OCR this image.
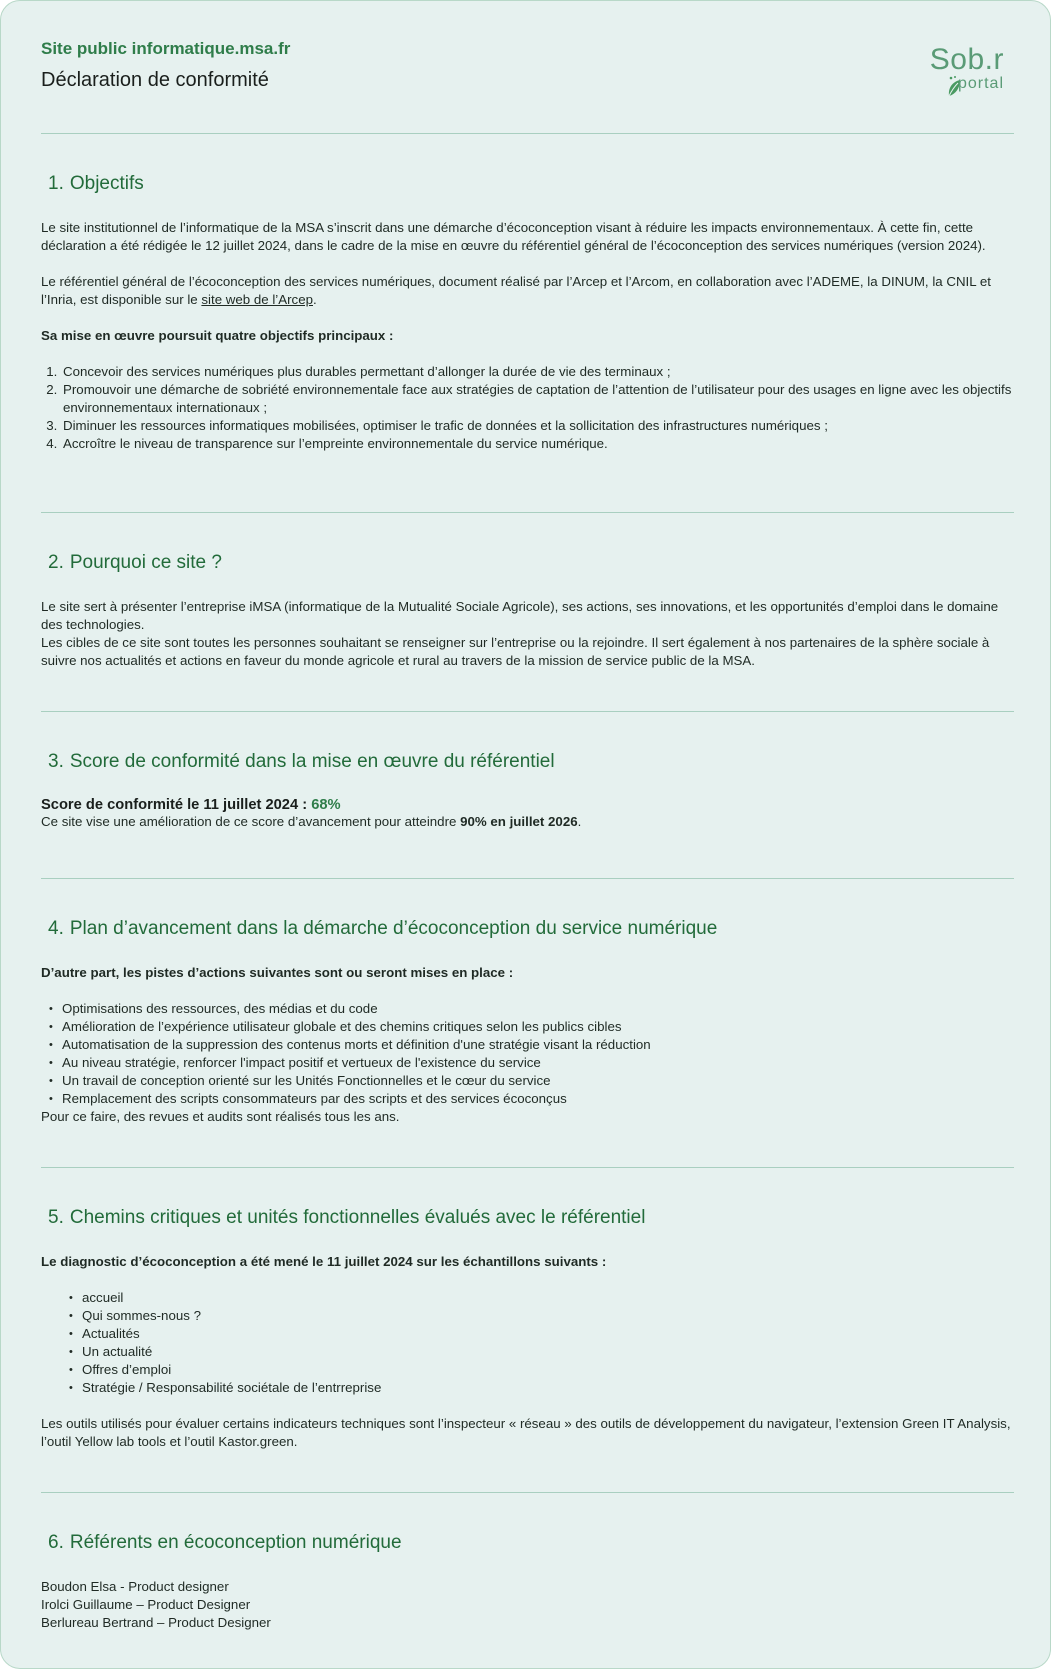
Site public informatique.msa.fr
Déclaration de conformité
Sob.r
portal
1. Objectifs

Le site institutionnel de l’informatique de la MSA s’inscrit dans une démarche d’écoconception visant à réduire les impacts environnementaux. À cette fin, cette déclaration a été rédigée le 12 juillet 2024, dans le cadre de la mise en œuvre du référentiel général de l’écoconception des services numériques (version 2024).

Le référentiel général de l’écoconception des services numériques, document réalisé par l’Arcep et l’Arcom, en collaboration avec l’ADEME, la DINUM, la CNIL et l’Inria, est disponible sur le site web de l’Arcep.

Sa mise en œuvre poursuit quatre objectifs principaux :

1. Concevoir des services numériques plus durables permettant d’allonger la durée de vie des terminaux ;
2. Promouvoir une démarche de sobriété environnementale face aux stratégies de captation de l’attention de l’utilisateur pour des usages en ligne avec les objectifs environnementaux internationaux ;
3. Diminuer les ressources informatiques mobilisées, optimiser le trafic de données et la sollicitation des infrastructures numériques ;
4. Accroître le niveau de transparence sur l’empreinte environnementale du service numérique.
2. Pourquoi ce site ?

Le site sert à présenter l’entreprise iMSA (informatique de la Mutualité Sociale Agricole), ses actions, ses innovations, et les opportunités d’emploi dans le domaine des technologies.

Les cibles de ce site sont toutes les personnes souhaitant se renseigner sur l’entreprise ou la rejoindre. Il sert également à nos partenaires de la sphère sociale à suivre nos actualités et actions en faveur du monde agricole et rural au travers de la mission de service public de la MSA.

3. Score de conformité dans la mise en œuvre du référentiel
Score de conformité le 11 juillet 2024 : 68%

Ce site vise une amélioration de ce score d’avancement pour atteindre 90% en juillet 2026.

4. Plan d’avancement dans la démarche d’écoconception du service numérique

D’autre part, les pistes d’actions suivantes sont ou seront mises en place :

• Optimisations des ressources, des médias et du code
• Amélioration de l’expérience utilisateur globale et des chemins critiques selon les publics cibles
• Automatisation de la suppression des contenus morts et définition d'une stratégie visant la réduction
• Au niveau stratégie, renforcer l'impact positif et vertueux de l'existence du service
• Un travail de conception orienté sur les Unités Fonctionnelles et le cœur du service
• Remplacement des scripts consommateurs par des scripts et des services écoconçus

Pour ce faire, des revues et audits sont réalisés tous les ans.

5. Chemins critiques et unités fonctionnelles évalués avec le référentiel

Le diagnostic d’écoconception a été mené le 11 juillet 2024 sur les échantillons suivants :

• accueil
• Qui sommes-nous ?
• Actualités
• Un actualité
• Offres d’emploi
• Stratégie / Responsabilité sociétale de l’entrreprise

Les outils utilisés pour évaluer certains indicateurs techniques sont l’inspecteur « réseau » des outils de développement du navigateur, l’extension Green IT Analysis, l’outil Yellow lab tools et l’outil Kastor.green.

6. Référents en écoconception numérique

Boudon Elsa - Product designer

Irolci Guillaume – Product Designer

Berlureau Bertrand – Product Designer
